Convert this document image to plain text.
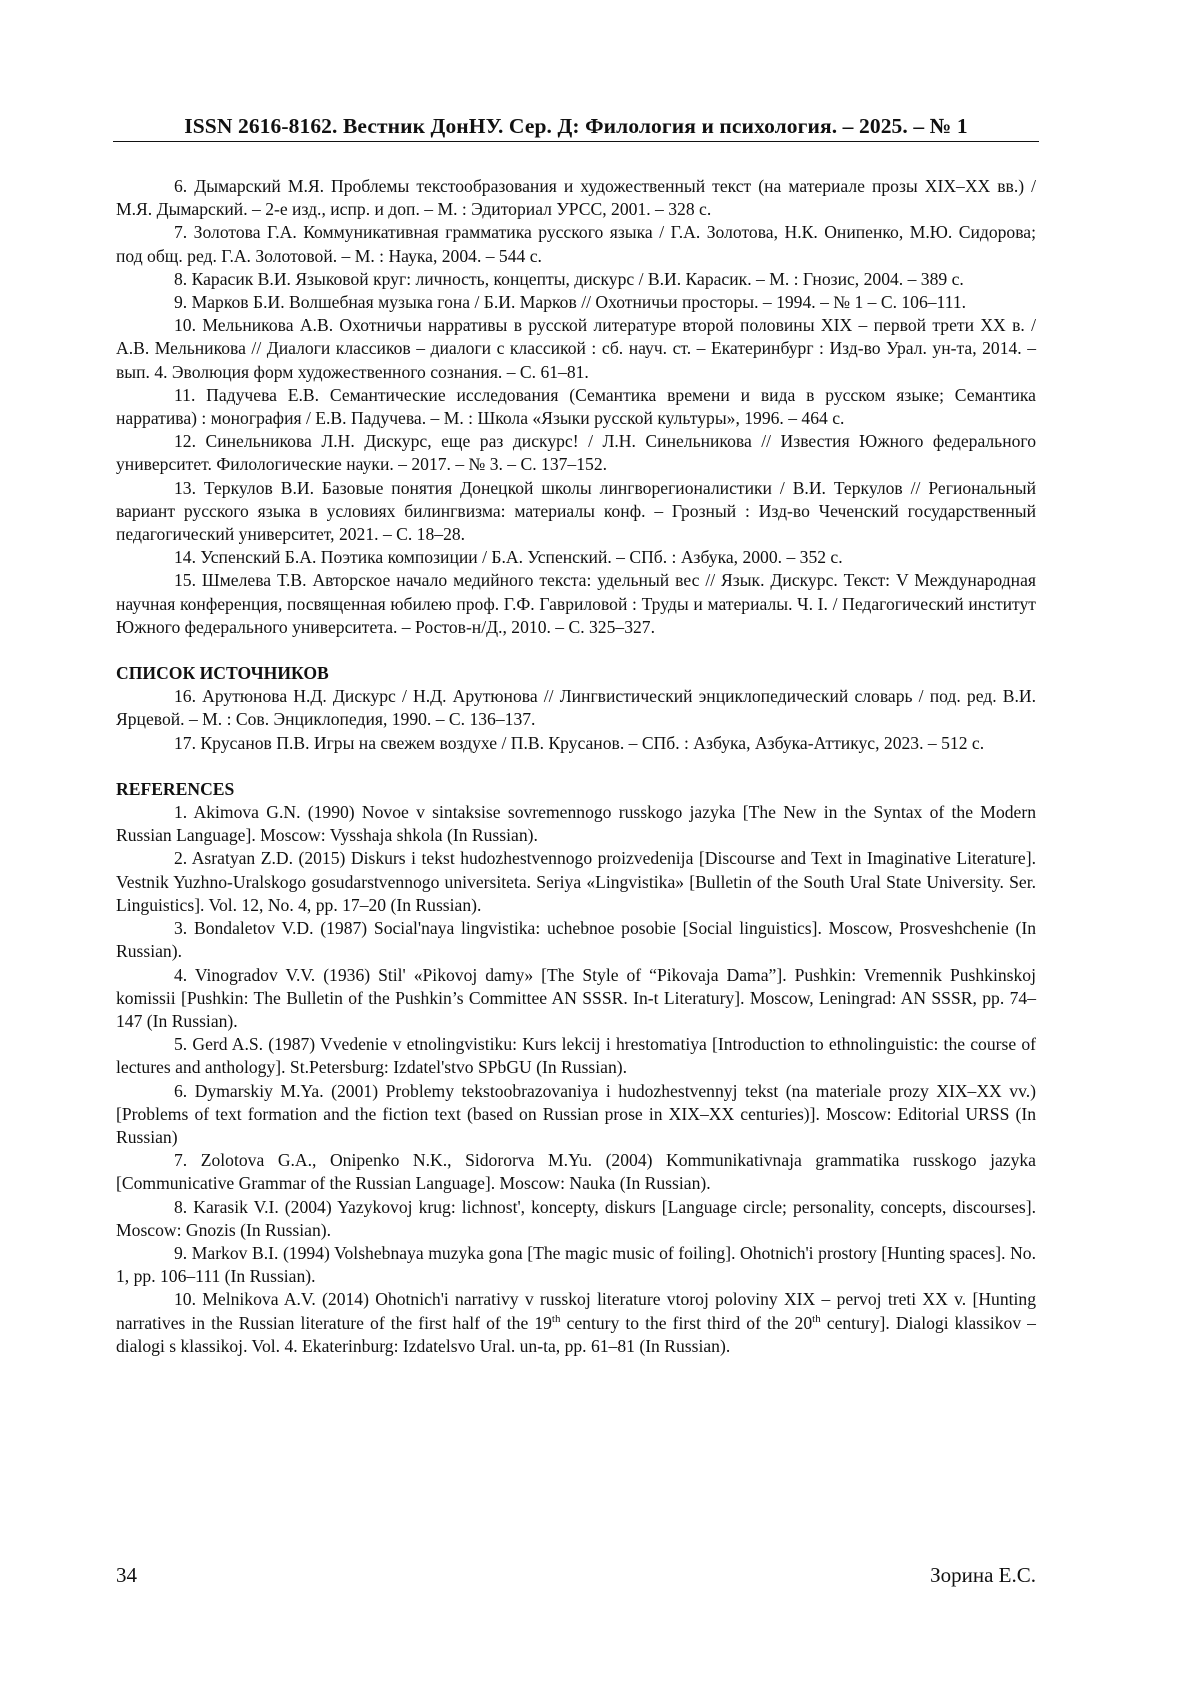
ISSN 2616-8162. Вестник ДонНУ. Сер. Д: Филология и психология. – 2025. – № 1

6. Дымарский М.Я. Проблемы текстообразования и художественный текст (на материале прозы XIX–XX вв.) / М.Я. Дымарский. – 2-е изд., испр. и доп. – М. : Эдиториал УРСС, 2001. – 328 с.

7. Золотова Г.А. Коммуникативная грамматика русского языка / Г.А. Золотова, Н.К. Онипенко, М.Ю. Сидорова; под общ. ред. Г.А. Золотовой. – М. : Наука, 2004. – 544 с.

8. Карасик В.И. Языковой круг: личность, концепты, дискурс / В.И. Карасик. – М. : Гнозис, 2004. – 389 с.

9. Марков Б.И. Волшебная музыка гона / Б.И. Марков // Охотничьи просторы. – 1994. – № 1 – С. 106–111.

10. Мельникова А.В. Охотничьи нарративы в русской литературе второй половины XIX – первой трети XX в. / А.В. Мельникова // Диалоги классиков – диалоги с классикой : сб. науч. ст. – Екатеринбург : Изд-во Урал. ун-та, 2014. – вып. 4. Эволюция форм художественного сознания. – С. 61–81.

11. Падучева Е.В. Семантические исследования (Семантика времени и вида в русском языке; Семантика нарратива) : монография / Е.В. Падучева. – М. : Школа «Языки русской культуры», 1996. – 464 с.

12. Синельникова Л.Н. Дискурс, еще раз дискурс! / Л.Н. Синельникова // Известия Южного федерального университет. Филологические науки. – 2017. – № 3. – С. 137–152.

13. Теркулов В.И. Базовые понятия Донецкой школы лингворегионалистики / В.И. Теркулов // Региональный вариант русского языка в условиях билингвизма: материалы конф. – Грозный : Изд-во Чеченский государственный педагогический университет, 2021. – С. 18–28.

14. Успенский Б.А. Поэтика композиции / Б.А. Успенский. – СПб. : Азбука, 2000. – 352 с.

15. Шмелева Т.В. Авторское начало медийного текста: удельный вес // Язык. Дискурс. Текст: V Международная научная конференция, посвященная юбилею проф. Г.Ф. Гавриловой : Труды и материалы. Ч. I. / Педагогический институт Южного федерального университета. – Ростов-н/Д., 2010. – С. 325–327.

СПИСОК ИСТОЧНИКОВ

16. Арутюнова Н.Д. Дискурс / Н.Д. Арутюнова // Лингвистический энциклопедический словарь / под. ред. В.И. Ярцевой. – М. : Сов. Энциклопедия, 1990. – С. 136–137.

17. Крусанов П.В. Игры на свежем воздухе / П.В. Крусанов. – СПб. : Азбука, Азбука-Аттикус, 2023. – 512 с.

REFERENCES

1. Akimova G.N. (1990) Novoe v sintaksise sovremennogo russkogo jazyka [The New in the Syntax of the Modern Russian Language]. Moscow: Vysshaja shkola (In Russian).

2. Asratyan Z.D. (2015) Diskurs i tekst hudozhestvennogo proizvedenija [Discourse and Text in Imaginative Literature]. Vestnik Yuzhno-Uralskogo gosudarstvennogo universiteta. Seriya «Lingvistika» [Bulletin of the South Ural State University. Ser. Linguistics]. Vol. 12, No. 4, pp. 17–20 (In Russian).

3. Bondaletov V.D. (1987) Social'naya lingvistika: uchebnoe posobie [Social linguistics]. Moscow, Prosveshchenie (In Russian).

4. Vinogradov V.V. (1936) Stil' «Pikovoj damy» [The Style of “Pikovaja Dama”]. Pushkin: Vremennik Pushkinskoj komissii [Pushkin: The Bulletin of the Pushkin’s Committee AN SSSR. In-t Literatury]. Moscow, Leningrad: AN SSSR, pp. 74–147 (In Russian).

5. Gerd A.S. (1987) Vvedenie v etnolingvistiku: Kurs lekcij i hrestomatiya [Introduction to ethnolinguistic: the course of lectures and anthology]. St.Petersburg: Izdatel'stvo SPbGU (In Russian).

6. Dymarskiy M.Ya. (2001) Problemy tekstoobrazovaniya i hudozhestvennyj tekst (na materiale prozy XIX–XX vv.) [Problems of text formation and the fiction text (based on Russian prose in XIX–XX centuries)]. Moscow: Editorial URSS (In Russian)

7. Zolotova G.A., Onipenko N.K., Sidororva M.Yu. (2004) Kommunikativnaja grammatika russkogo jazyka [Communicative Grammar of the Russian Language]. Moscow: Nauka (In Russian).

8. Karasik V.I. (2004) Yazykovoj krug: lichnost', koncepty, diskurs [Language circle; personality, concepts, discourses]. Moscow: Gnozis (In Russian).

9. Markov B.I. (1994) Volshebnaya muzyka gona [The magic music of foiling]. Ohotnich'i prostory [Hunting spaces]. No. 1, pp. 106–111 (In Russian).

10. Melnikova A.V. (2014) Ohotnich'i narrativy v russkoj literature vtoroj poloviny XIX – pervoj treti XX v. [Hunting narratives in the Russian literature of the first half of the 19th century to the first third of the 20th century]. Dialogi klassikov – dialogi s klassikoj. Vol. 4. Ekaterinburg: Izdatelsvo Ural. un-ta, pp. 61–81 (In Russian).

34	Зорина Е.С.
